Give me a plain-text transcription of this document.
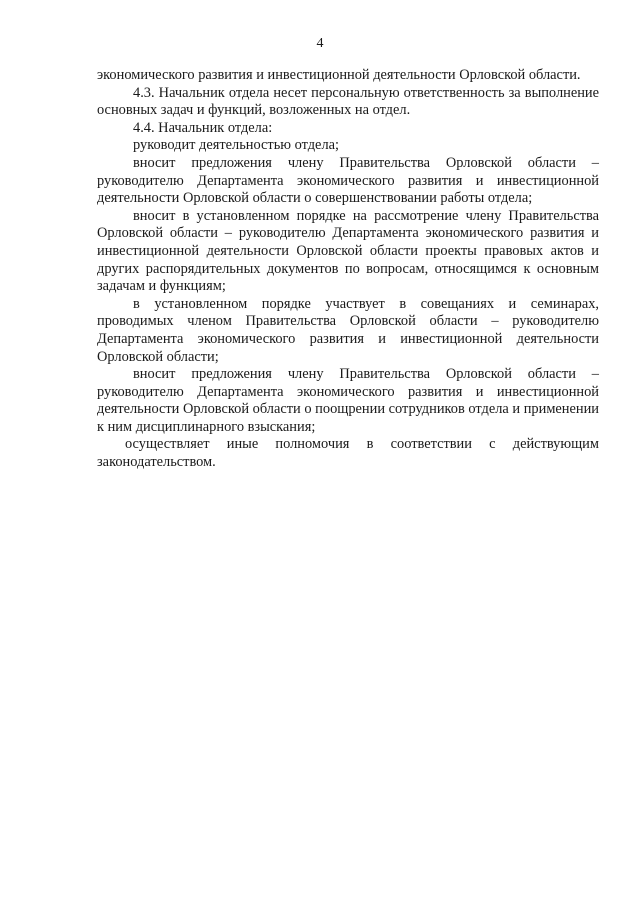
4

экономического развития и инвестиционной деятельности Орловской области.

4.3. Начальник отдела несет персональную ответственность за выполнение основных задач и функций, возложенных на отдел.

4.4. Начальник отдела:

руководит деятельностью отдела;

вносит предложения члену Правительства Орловской области – руководителю Департамента экономического развития и инвестиционной деятельности Орловской области о совершенствовании работы отдела;

вносит в установленном порядке на рассмотрение члену Правительства Орловской области – руководителю Департамента экономического развития и инвестиционной деятельности Орловской области проекты правовых актов и других распорядительных документов по вопросам, относящимся к основным задачам и функциям;

в установленном порядке участвует в совещаниях и семинарах, проводимых членом Правительства Орловской области – руководителю Департамента экономического развития и инвестиционной деятельности Орловской области;

вносит предложения члену Правительства Орловской области – руководителю Департамента экономического развития и инвестиционной деятельности Орловской области о поощрении сотрудников отдела и применении к ним дисциплинарного взыскания;

осуществляет иные полномочия в соответствии с действующим законодательством.
